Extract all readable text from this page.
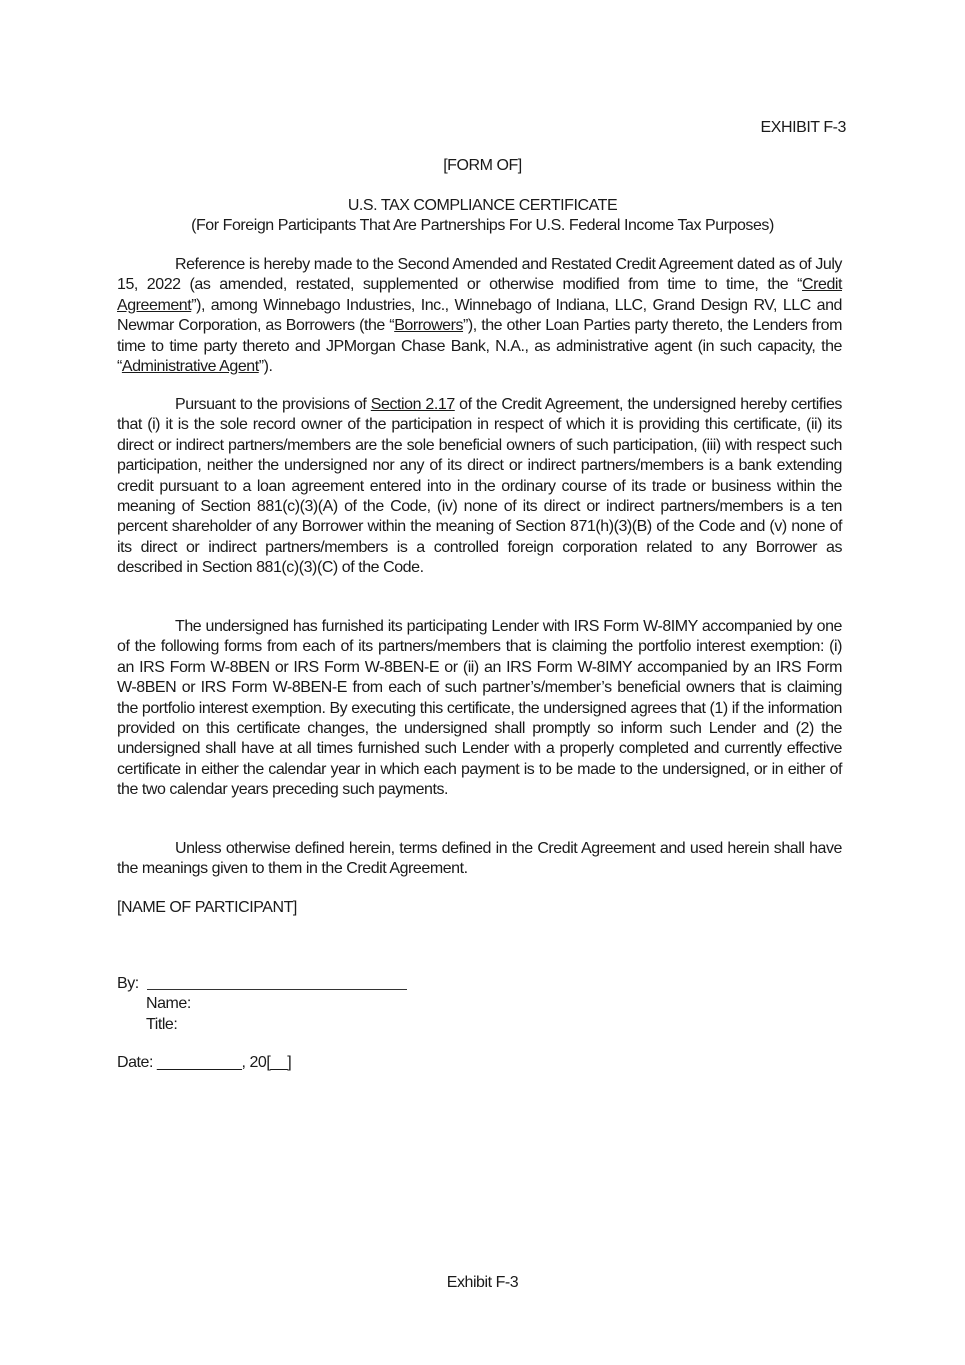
EXHIBIT F-3
[FORM OF]
U.S. TAX COMPLIANCE CERTIFICATE
(For Foreign Participants That Are Partnerships For U.S. Federal Income Tax Purposes)

Reference is hereby made to the Second Amended and Restated Credit Agreement dated as of July 15, 2022 (as amended, restated, supplemented or otherwise modified from time to time, the “Credit Agreement”), among Winnebago Industries, Inc., Winnebago of Indiana, LLC, Grand Design RV, LLC and Newmar Corporation, as Borrowers (the “Borrowers”), the other Loan Parties party thereto, the Lenders from time to time party thereto and JPMorgan Chase Bank, N.A., as administrative agent (in such capacity, the “Administrative Agent”).

Pursuant to the provisions of Section 2.17 of the Credit Agreement, the undersigned hereby certifies that (i) it is the sole record owner of the participation in respect of which it is providing this certificate, (ii) its direct or indirect partners/members are the sole beneficial owners of such participation, (iii) with respect such participation, neither the undersigned nor any of its direct or indirect partners/members is a bank extending credit pursuant to a loan agreement entered into in the ordinary course of its trade or business within the meaning of Section 881(c)(3)(A) of the Code, (iv) none of its direct or indirect partners/members is a ten percent shareholder of any Borrower within the meaning of Section 871(h)(3)(B) of the Code and (v) none of its direct or indirect partners/members is a controlled foreign corporation related to any Borrower as described in Section 881(c)(3)(C) of the Code.

The undersigned has furnished its participating Lender with IRS Form W-8IMY accompanied by one of the following forms from each of its partners/members that is claiming the portfolio interest exemption: (i) an IRS Form W-8BEN or IRS Form W-8BEN-E or (ii) an IRS Form W-8IMY accompanied by an IRS Form W-8BEN or IRS Form W-8BEN-E from each of such partner’s/member’s beneficial owners that is claiming the portfolio interest exemption. By executing this certificate, the undersigned agrees that (1) if the information provided on this certificate changes, the undersigned shall promptly so inform such Lender and (2) the undersigned shall have at all times furnished such Lender with a properly completed and currently effective certificate in either the calendar year in which each payment is to be made to the undersigned, or in either of the two calendar years preceding such payments.

Unless otherwise defined herein, terms defined in the Credit Agreement and used herein shall have the meanings given to them in the Credit Agreement.

[NAME OF PARTICIPANT]
By:
Name:
Title:
Date: __________, 20[__]
Exhibit F-3
